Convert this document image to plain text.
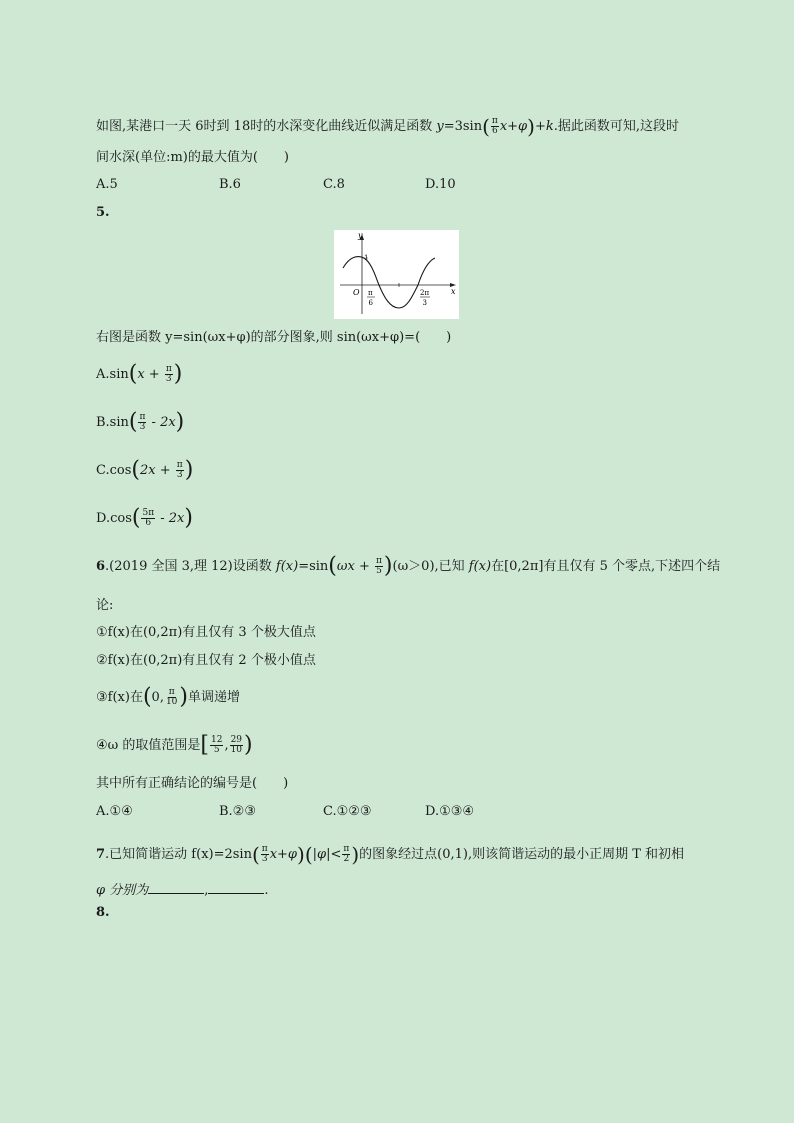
如图,某港口一天 6时到 18时的水深变化曲线近似满足函数 $y=3\sin( \frac{\pi}{6} x+\varphi)+k$.据此函数可知,这段时
间水深(单位:m)的最大值为(　　)
A.5	B.6	C.8	D.10
5.
y
x
O
1
π
6
2π
3
右图是函数 y=sin(ωx+φ)的部分图象,则 sin(ωx+φ)=(　　)
$A.\sin(x + \frac{\pi}{3}$ )
$B.\sin( \frac{\pi}{3} - 2x)$
$C.\cos(2x + \frac{\pi}{3}$ )
$D.\cos( \frac{5\pi}{6} - 2x)$
6.(2019 全国 3,理 12)设函数 $f(x)=\sin(\omega x + \frac{\pi}{5} )(\omega>0)$,已知 f(x)在[0,2π]有且仅有 5 个零点,下述四个结
论:
①f(x)在(0,2π)有且仅有 3 个极大值点
②f(x)在(0,2π)有且仅有 2 个极小值点
③f(x)在(0, $\frac{\pi}{10}$ )单调递增
④ω 的取值范围是[ $\frac{12}{5}$ , $\frac{29}{10}$ )
其中所有正确结论的编号是(　　)
A.①④	B.②③	C.①②③	D.①③④
7.已知简谐运动 $f(x)=2\sin( \frac{\pi}{3} x+\varphi)(|\varphi|< \frac{\pi}{2}$ )的图象经过点(0,1),则该简谐运动的最小正周期 T 和初相
φ 分别为	,	.
8.
